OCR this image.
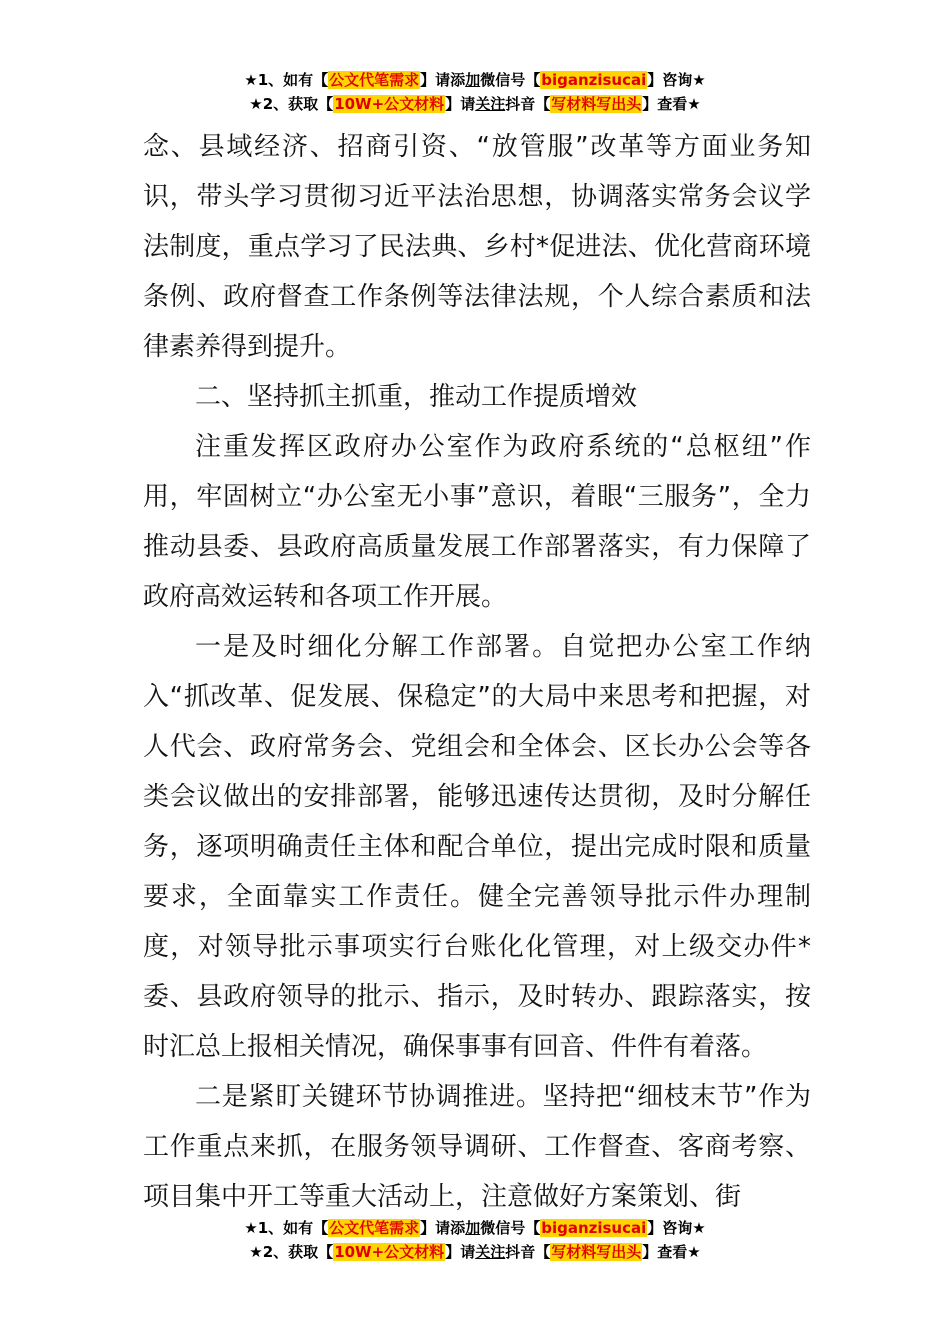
★1、如有【公文代笔需求】请添加微信号【biganzisucai】咨询★
★2、获取【10W+公文材料】请关注抖音【写材料写出头】查看★

念、县域经济、招商引资、“放管服”改革等方面业务知识，带头学习贯彻习近平法治思想，协调落实常务会议学法制度，重点学习了民法典、乡村*促进法、优化营商环境条例、政府督查工作条例等法律法规，个人综合素质和法律素养得到提升。

二、坚持抓主抓重，推动工作提质增效

注重发挥区政府办公室作为政府系统的“总枢纽”作用，牢固树立“办公室无小事”意识，着眼“三服务”，全力推动县委、县政府高质量发展工作部署落实，有力保障了政府高效运转和各项工作开展。

一是及时细化分解工作部署。自觉把办公室工作纳入“抓改革、促发展、保稳定”的大局中来思考和把握，对人代会、政府常务会、党组会和全体会、区长办公会等各类会议做出的安排部署，能够迅速传达贯彻，及时分解任务，逐项明确责任主体和配合单位，提出完成时限和质量要求，全面靠实工作责任。健全完善领导批示件办理制度，对领导批示事项实行台账化化管理，对上级交办件*委、县政府领导的批示、指示，及时转办、跟踪落实，按时汇总上报相关情况，确保事事有回音、件件有着落。

二是紧盯关键环节协调推进。坚持把“细枝末节”作为工作重点来抓，在服务领导调研、工作督查、客商考察、项目集中开工等重大活动上，注意做好方案策划、街

★1、如有【公文代笔需求】请添加微信号【biganzisucai】咨询★
★2、获取【10W+公文材料】请关注抖音【写材料写出头】查看★
